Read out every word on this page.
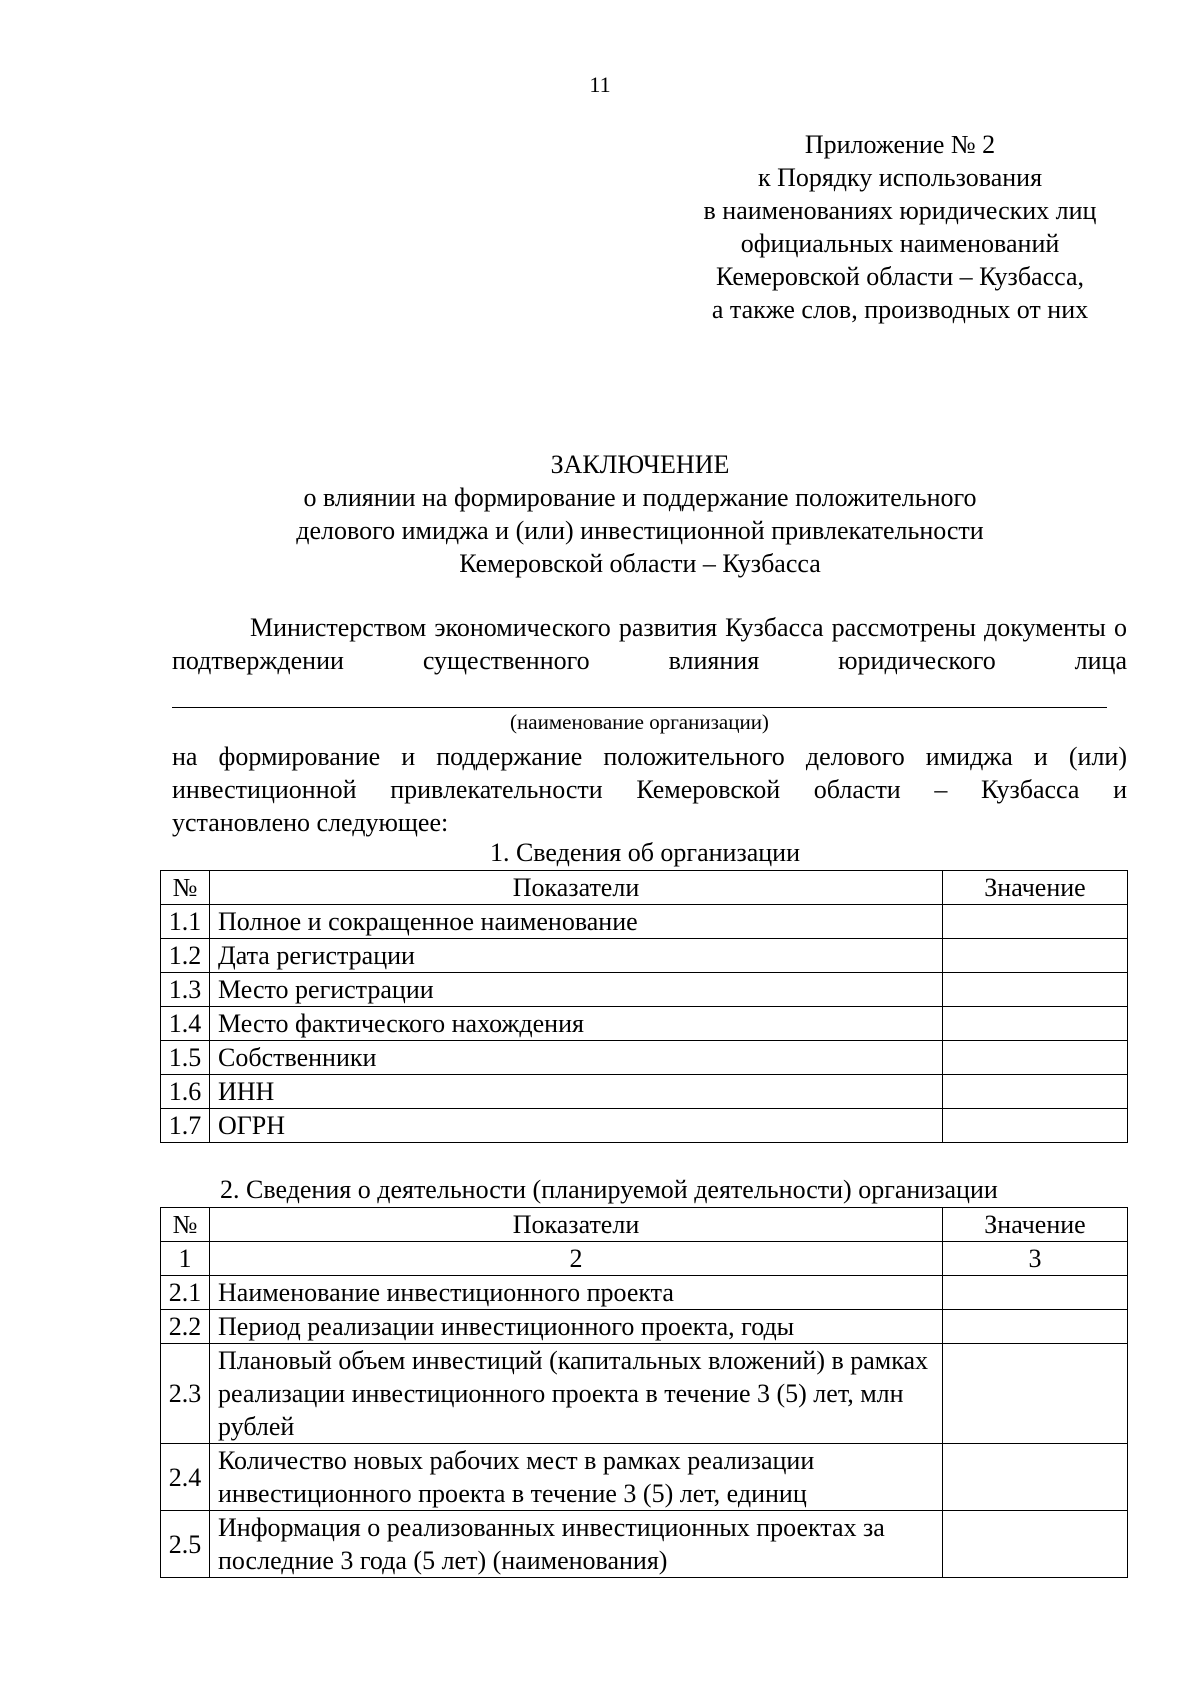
11
Приложение № 2
к Порядку использования
в наименованиях юридических лиц
официальных наименований
Кемеровской области – Кузбасса,
а также слов, производных от них
ЗАКЛЮЧЕНИЕ
о влиянии на формирование и поддержание положительного
делового имиджа и (или) инвестиционной привлекательности
Кемеровской области – Кузбасса
Министерством экономического развития Кузбасса рассмотрены документы о подтверждении существенного влияния юридического лица
(наименование организации)
на формирование и поддержание положительного делового имиджа и (или)
инвестиционной привлекательности Кемеровской области – Кузбасса и
установлено следующее:
1. Сведения об организации
№	Показатели	Значение
1.1	Полное и сокращенное наименование	
1.2	Дата регистрации	
1.3	Место регистрации	
1.4	Место фактического нахождения	
1.5	Собственники	
1.6	ИНН	
1.7	ОГРН	
2. Сведения о деятельности (планируемой деятельности) организации
№	Показатели	Значение
1	2	3
2.1	Наименование инвестиционного проекта	
2.2	Период реализации инвестиционного проекта, годы	
2.3	Плановый объем инвестиций (капитальных вложений) в рамках реализации инвестиционного проекта в течение 3 (5) лет, млн рублей	
2.4	Количество новых рабочих мест в рамках реализации инвестиционного проекта в течение 3 (5) лет, единиц	
2.5	Информация о реализованных инвестиционных проектах за последние 3 года (5 лет) (наименования)	
